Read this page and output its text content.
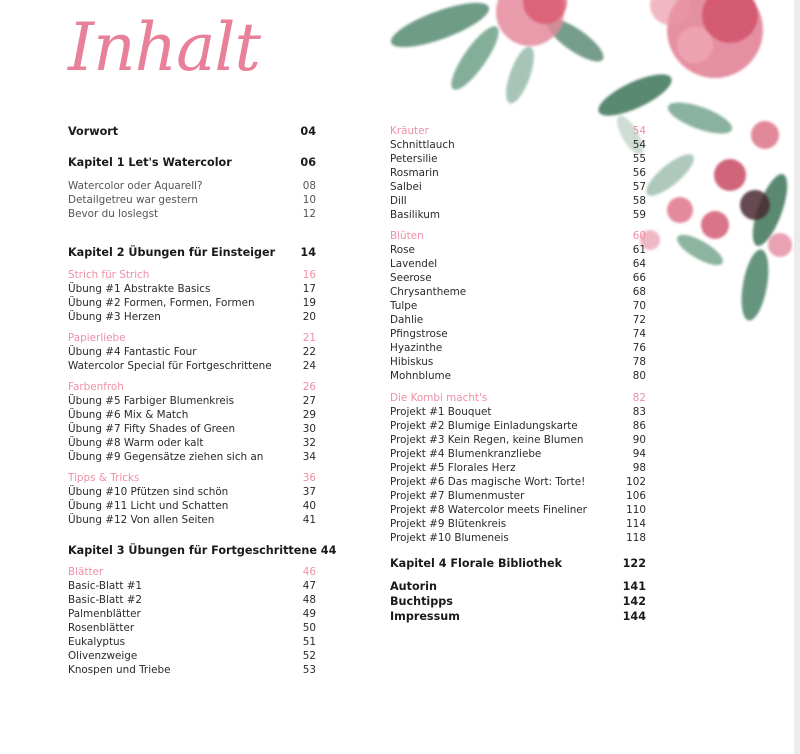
Inhalt
Vorwort	04
Kapitel 1 Let's Watercolor	06
Watercolor oder Aquarell?	08
Detailgetreu war gestern	10
Bevor du loslegst	12
Kapitel 2 Übungen für Einsteiger 14
Strich für Strich	16
Übung #1 Abstrakte Basics	17
Übung #2 Formen, Formen, Formen	19
Übung #3 Herzen	20
Papierliebe	21
Übung #4 Fantastic Four	22
Watercolor Special für Fortgeschrittene	24
Farbenfroh	26
Übung #5 Farbiger Blumenkreis	27
Übung #6 Mix & Match	29
Übung #7 Fifty Shades of Green	30
Übung #8 Warm oder kalt	32
Übung #9 Gegensätze ziehen sich an	34
Tipps & Tricks	36
Übung #10 Pfützen sind schön	37
Übung #11 Licht und Schatten	40
Übung #12 Von allen Seiten	41
Kapitel 3 Übungen für Fortgeschrittene 44
Blätter	46
Basic-Blatt #1	47
Basic-Blatt #2	48
Palmenblätter	49
Rosenblätter	50
Eukalyptus	51
Olivenzweige	52
Knospen und Triebe	53
Kräuter	54
Schnittlauch	54
Petersilie	55
Rosmarin	56
Salbei	57
Dill	58
Basilikum	59
Blüten	60
Rose	61
Lavendel	64
Seerose	66
Chrysantheme	68
Tulpe	70
Dahlie	72
Pfingstrose	74
Hyazinthe	76
Hibiskus	78
Mohnblume	80
Die Kombi macht's	82
Projekt #1 Bouquet	83
Projekt #2 Blumige Einladungskarte	86
Projekt #3 Kein Regen, keine Blumen	90
Projekt #4 Blumenkranzliebe	94
Projekt #5 Florales Herz	98
Projekt #6 Das magische Wort: Torte!	102
Projekt #7 Blumenmuster	106
Projekt #8 Watercolor meets Fineliner	110
Projekt #9 Blütenkreis	114
Projekt #10 Blumeneis	118
Kapitel 4 Florale Bibliothek	122
Autorin	141
Buchtipps	142
Impressum	144
